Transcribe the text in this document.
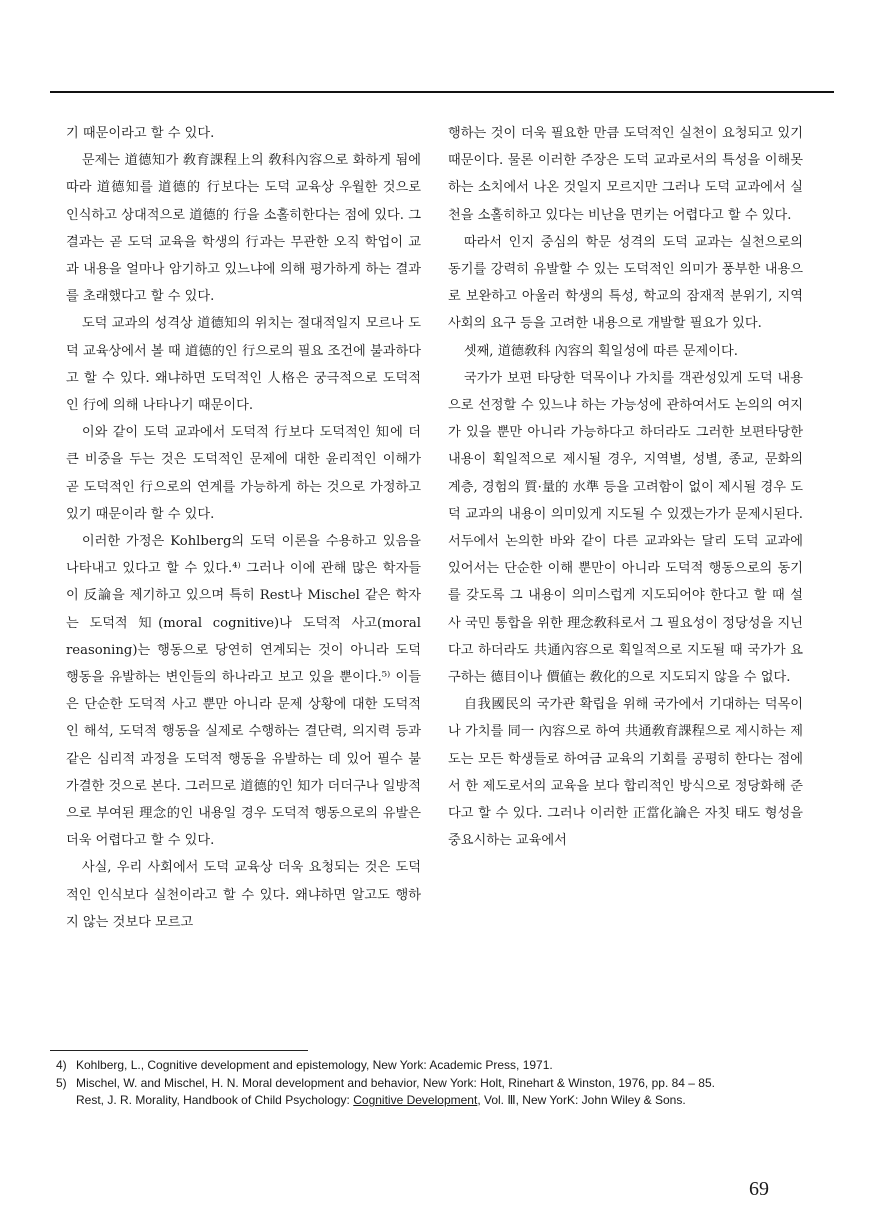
기 때문이라고 할 수 있다.

문제는 道德知가 敎育課程上의 敎科內容으로 화하게 됨에 따라 道德知를 道德的 行보다는 도덕 교육상 우월한 것으로 인식하고 상대적으로 道德的 行을 소홀히한다는 점에 있다. 그 결과는 곧 도덕 교육을 학생의 行과는 무관한 오직 학업이 교과 내용을 얼마나 암기하고 있느냐에 의해 평가하게 하는 결과를 초래했다고 할 수 있다.

도덕 교과의 성격상 道德知의 위치는 절대적일지 모르나 도덕 교육상에서 볼 때 道德的인 行으로의 필요 조건에 불과하다고 할 수 있다. 왜냐하면 도덕적인 人格은 궁극적으로 도덕적인 行에 의해 나타나기 때문이다.

이와 같이 도덕 교과에서 도덕적 行보다 도덕적인 知에 더 큰 비중을 두는 것은 도덕적인 문제에 대한 윤리적인 이해가 곧 도덕적인 行으로의 연계를 가능하게 하는 것으로 가정하고 있기 때문이라 할 수 있다.

이러한 가정은 Kohlberg의 도덕 이론을 수용하고 있음을 나타내고 있다고 할 수 있다.⁴⁾ 그러나 이에 관해 많은 학자들이 反論을 제기하고 있으며 특히 Rest나 Mischel 같은 학자는 도덕적 知(moral cognitive)나 도덕적 사고(moral reasoning)는 행동으로 당연히 연계되는 것이 아니라 도덕 행동을 유발하는 변인들의 하나라고 보고 있을 뿐이다.⁵⁾ 이들은 단순한 도덕적 사고 뿐만 아니라 문제 상황에 대한 도덕적인 해석, 도덕적 행동을 실제로 수행하는 결단력, 의지력 등과 같은 심리적 과정을 도덕적 행동을 유발하는 데 있어 필수 불가결한 것으로 본다. 그러므로 道德的인 知가 더더구나 일방적으로 부여된 理念的인 내용일 경우 도덕적 행동으로의 유발은 더욱 어렵다고 할 수 있다.

사실, 우리 사회에서 도덕 교육상 더욱 요청되는 것은 도덕적인 인식보다 실천이라고 할 수 있다. 왜냐하면 알고도 행하지 않는 것보다 모르고

행하는 것이 더욱 필요한 만큼 도덕적인 실천이 요청되고 있기 때문이다. 물론 이러한 주장은 도덕 교과로서의 특성을 이해못하는 소치에서 나온 것일지 모르지만 그러나 도덕 교과에서 실천을 소홀히하고 있다는 비난을 면키는 어렵다고 할 수 있다.

따라서 인지 중심의 학문 성격의 도덕 교과는 실천으로의 동기를 강력히 유발할 수 있는 도덕적인 의미가 풍부한 내용으로 보완하고 아울러 학생의 특성, 학교의 잠재적 분위기, 지역 사회의 요구 등을 고려한 내용으로 개발할 필요가 있다.

셋째, 道德敎科 內容의 획일성에 따른 문제이다.

국가가 보편 타당한 덕목이나 가치를 객관성있게 도덕 내용으로 선정할 수 있느냐 하는 가능성에 관하여서도 논의의 여지가 있을 뿐만 아니라 가능하다고 하더라도 그러한 보편타당한 내용이 획일적으로 제시될 경우, 지역별, 성별, 종교, 문화의 계층, 경험의 質·量的 水準 등을 고려함이 없이 제시될 경우 도덕 교과의 내용이 의미있게 지도될 수 있겠는가가 문제시된다. 서두에서 논의한 바와 같이 다른 교과와는 달리 도덕 교과에 있어서는 단순한 이해 뿐만이 아니라 도덕적 행동으로의 동기를 갖도록 그 내용이 의미스럽게 지도되어야 한다고 할 때 설사 국민 통합을 위한 理念敎科로서 그 필요성이 정당성을 지닌다고 하더라도 共通內容으로 획일적으로 지도될 때 국가가 요구하는 德目이나 價値는 敎化的으로 지도되지 않을 수 없다.

自我國民의 국가관 확립을 위해 국가에서 기대하는 덕목이나 가치를 同一 內容으로 하여 共通敎育課程으로 제시하는 제도는 모든 학생들로 하여금 교육의 기회를 공평히 한다는 점에서 한 제도로서의 교육을 보다 합리적인 방식으로 정당화해 준다고 할 수 있다. 그러나 이러한 正當化論은 자칫 태도 형성을 중요시하는 교육에서

4) Kohlberg, L., Cognitive development and epistemology, New York: Academic Press, 1971.
5) Mischel, W. and Mischel, H. N. Moral development and behavior, New York: Holt, Rinehart & Winston, 1976, pp. 84 – 85.
Rest, J. R. Morality, Handbook of Child Psychology: Cognitive Development, Vol. Ⅲ, New YorK: John Wiley & Sons.
69
